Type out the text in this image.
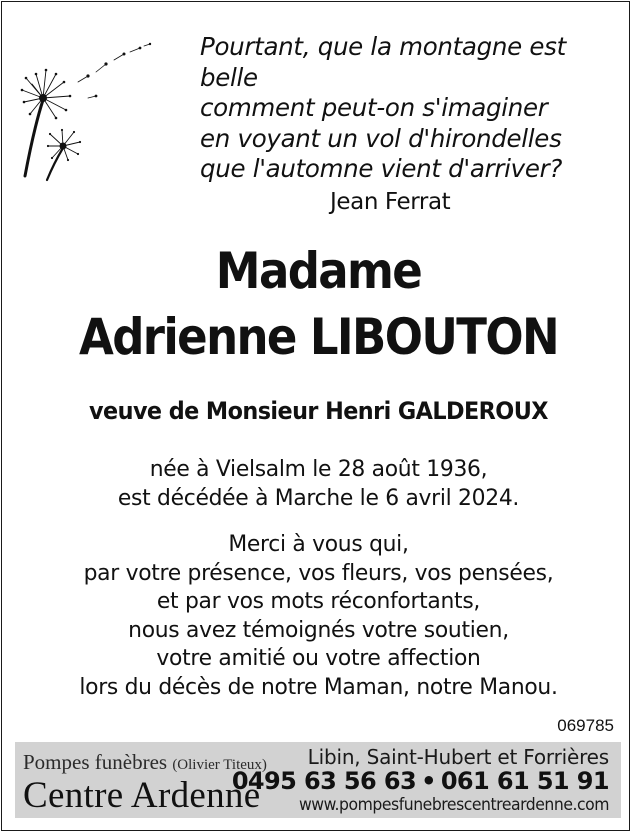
Pourtant, que la montagne est
belle
comment peut-on s'imaginer
en voyant un vol d'hirondelles
que l'automne vient d'arriver?
Jean Ferrat
Madame
Adrienne LIBOUTON
veuve de Monsieur Henri GALDEROUX
née à Vielsalm le 28 août 1936,
est décédée à Marche le 6 avril 2024.
Merci à vous qui,
par votre présence, vos fleurs, vos pensées,
et par vos mots réconfortants,
nous avez témoignés votre soutien,
votre amitié ou votre affection
lors du décès de notre Maman, notre Manou.
069785
Pompes funèbres (Olivier Titeux)
Centre Ardenne
Libin, Saint-Hubert et Forrières
0495 63 56 63 • 061 61 51 91
www.pompesfunebrescentreardenne.com
